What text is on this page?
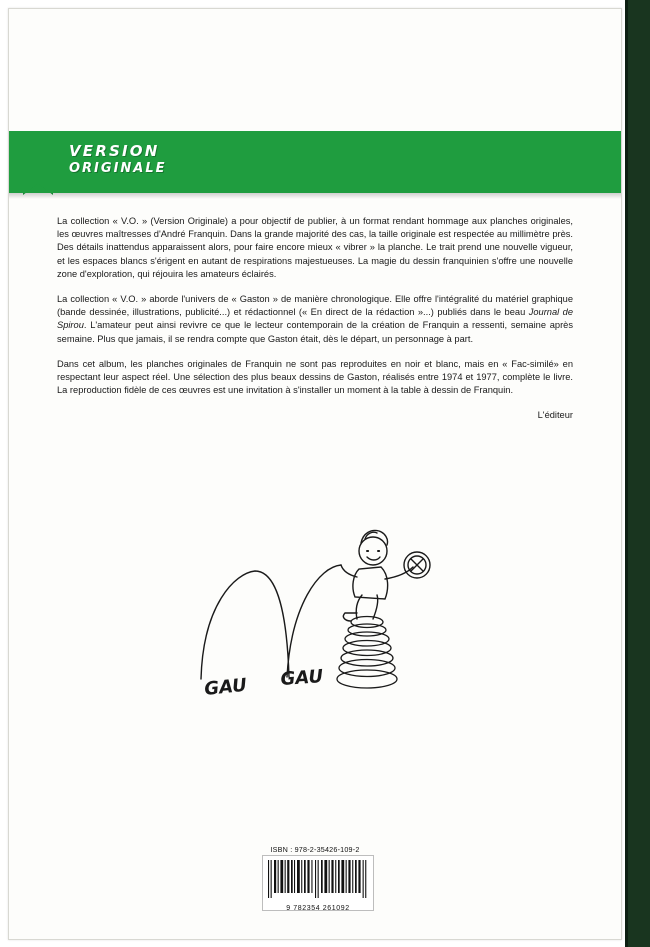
VERSION
ORIGINALE

La collection « V.O. » (Version Originale) a pour objectif de publier, à un format rendant hommage aux planches originales, les œuvres maîtresses d'André Franquin. Dans la grande majorité des cas, la taille originale est respectée au millimètre près. Des détails inattendus apparaissent alors, pour faire encore mieux « vibrer » la planche. Le trait prend une nouvelle vigueur, et les espaces blancs s'érigent en autant de respirations majestueuses. La magie du dessin franquinien s'offre une nouvelle zone d'exploration, qui réjouira les amateurs éclairés.

La collection « V.O. » aborde l'univers de « Gaston » de manière chronologique. Elle offre l'intégralité du matériel graphique (bande dessinée, illustrations, publicité...) et rédactionnel (« En direct de la rédaction »...) publiés dans le beau Journal de Spirou. L'amateur peut ainsi revivre ce que le lecteur contemporain de la création de Franquin a ressenti, semaine après semaine. Plus que jamais, il se rendra compte que Gaston était, dès le départ, un personnage à part.

Dans cet album, les planches originales de Franquin ne sont pas reproduites en noir et blanc, mais en « Fac-similé» en respectant leur aspect réel. Une sélection des plus beaux dessins de Gaston, réalisés entre 1974 et 1977, complète le livre. La reproduction fidèle de ces œuvres est une invitation à s'installer un moment à la table à dessin de Franquin.

L'éditeur

GAU GAU
ISBN : 978-2-35426-109-2
9 782354 261092
